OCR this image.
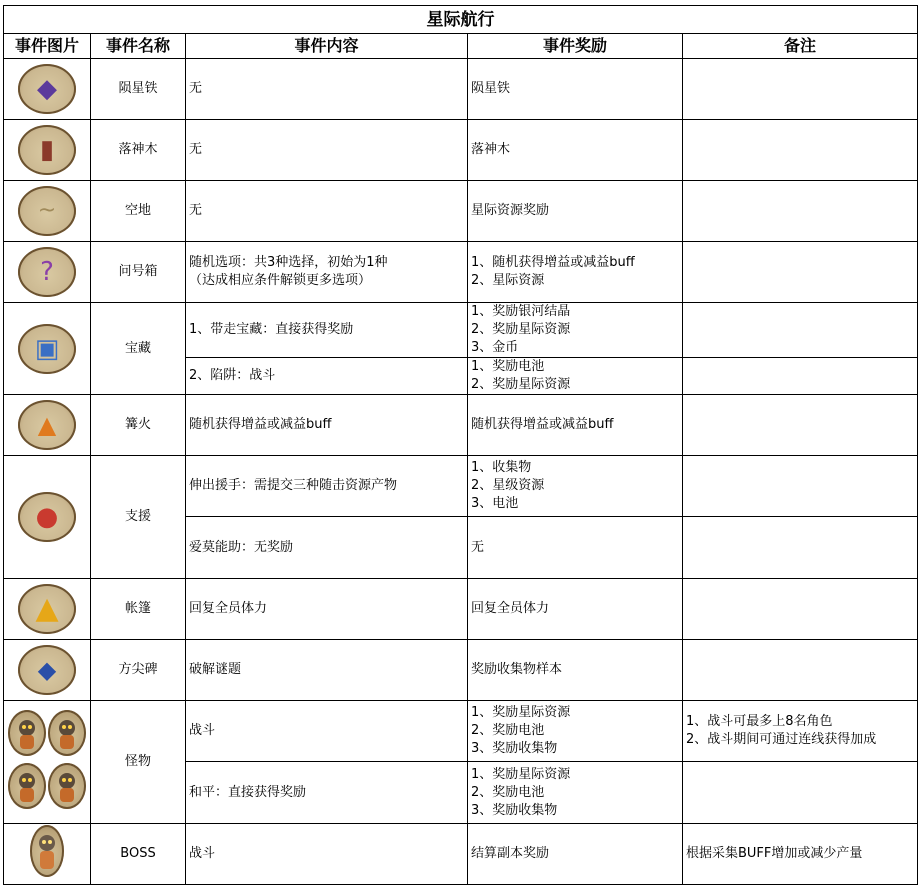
星际航行				
事件图片	事件名称	事件内容	事件奖励	备注

◆	陨星铁	无	陨星铁	

▮	落神木	无	落神木	

~	空地	无	星际资源奖励	

?	问号箱	随机选项：共3种选择，初始为1种
（达成相应条件解锁更多选项）	1、随机获得增益或减益buff
2、星际资源	

▣	宝藏	1、带走宝藏：直接获得奖励	1、奖励银河结晶
2、奖励星际资源
3、金币	

		2、陷阱：战斗	1、奖励电池
2、奖励星际资源	

▲	篝火	随机获得增益或减益buff	随机获得增益或减益buff	

●	支援	伸出援手：需提交三种随击资源产物	1、收集物
2、星级资源
3、电池	

		爱莫能助：无奖励	无	

▲	帐篷	回复全员体力	回复全员体力	

◆	方尖碑	破解谜题	奖励收集物样本	

	怪物	战斗	1、奖励星际资源
2、奖励电池
3、奖励收集物	1、战斗可最多上8名角色
2、战斗期间可通过连线获得加成

		和平：直接获得奖励	1、奖励星际资源
2、奖励电池
3、奖励收集物	

	BOSS	战斗	结算副本奖励	根据采集BUFF增加或减少产量
